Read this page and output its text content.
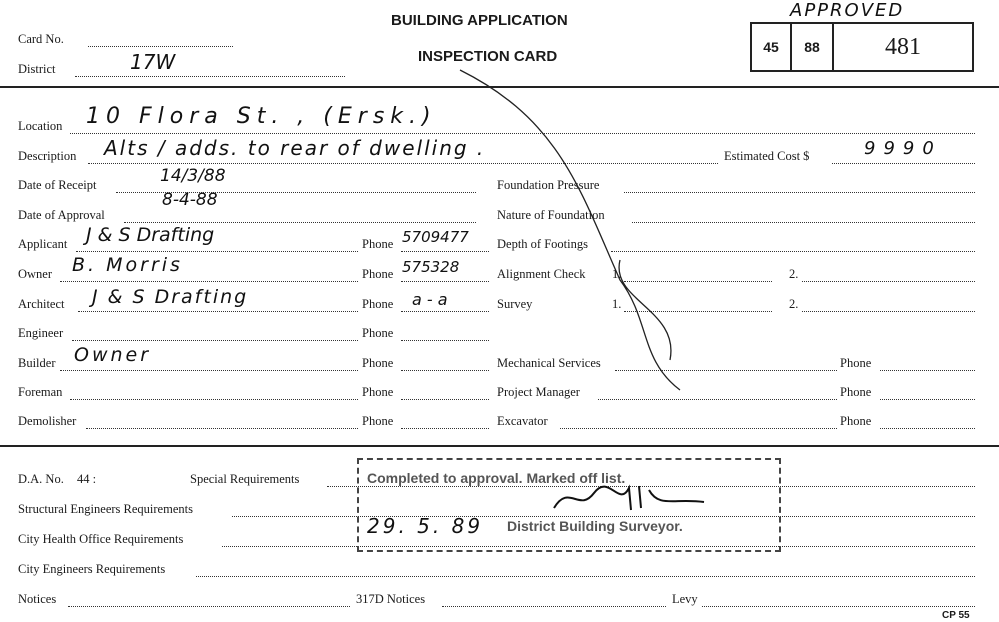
Card No.
District	17W
BUILDING APPLICATION
INSPECTION CARD
APPROVED
45	88	481
Location 10 Flora St. , (Ersk.)
Description Alts / adds. to rear of dwelling .	Estimated Cost $	9990
Date of Receipt	14/3/88
Date of Approval
8-4-88
Applicant J & S Drafting	Phone 5709477
Owner B. Morris	Phone 575328
Architect J & S Drafting	Phone a - a
Engineer	Phone
Builder Owner	Phone
Foreman	Phone
Demolisher	Phone
Foundation Pressure
Nature of Foundation
Depth of Footings
Alignment Check 1.	2.
Survey	1.	2.
Mechanical Services	Phone
Project Manager	Phone
Excavator	Phone
D.A. No. 44 :	Special Requirements
Structural Engineers Requirements
City Health Office Requirements
City Engineers Requirements
Notices	317D Notices	Levy
Completed to approval. Marked off list.
29. 5. 89 District Building Surveyor.
CP 55
